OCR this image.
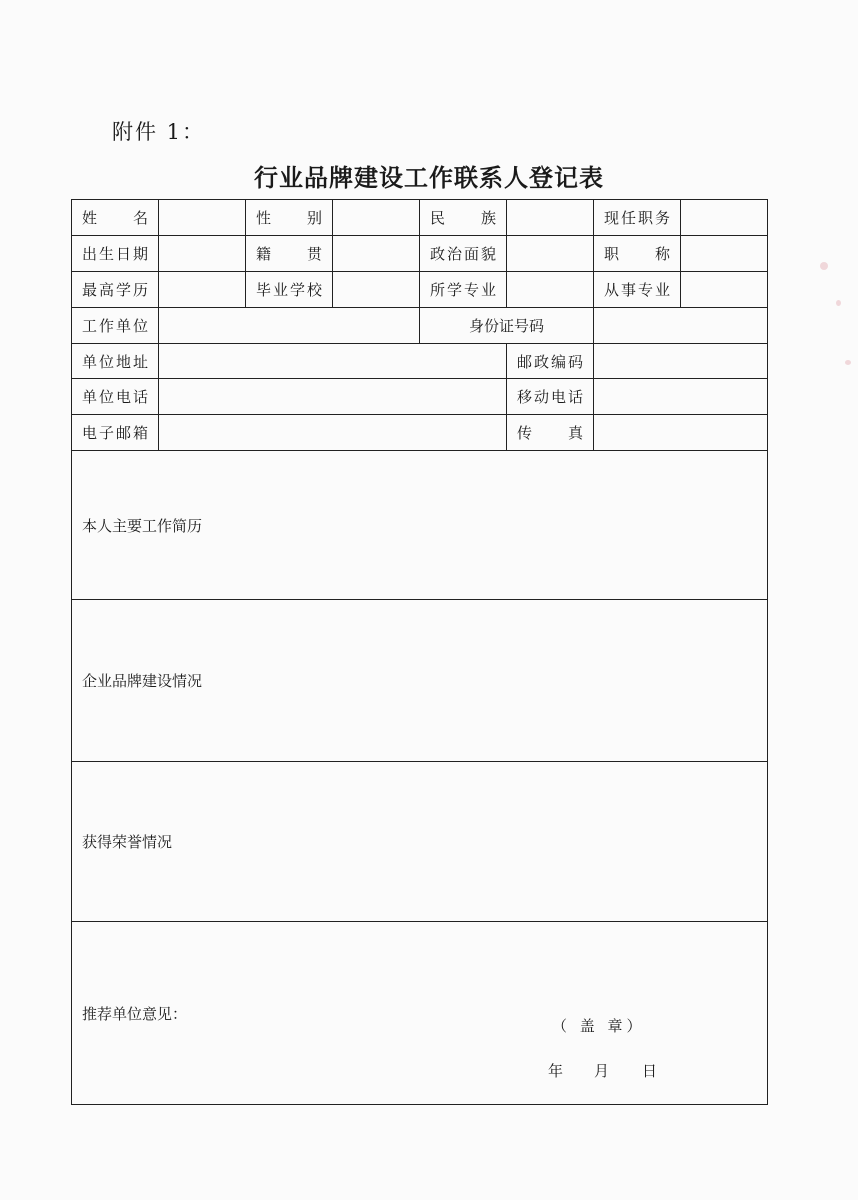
附件 1：
行业品牌建设工作联系人登记表
姓名		性别		民族		现任职务	
出生日期		籍贯		政治面貌		职称	
最高学历		毕业学校		所学专业		从事专业	
工作单位				身份证号码			
单位地址					邮政编码		
单位电话					移动电话		
电子邮箱					传真		
本人主要工作简历							
企业品牌建设情况							
获得荣誉情况							
推荐单位意见：							
（ 盖 章）
年	月	日
